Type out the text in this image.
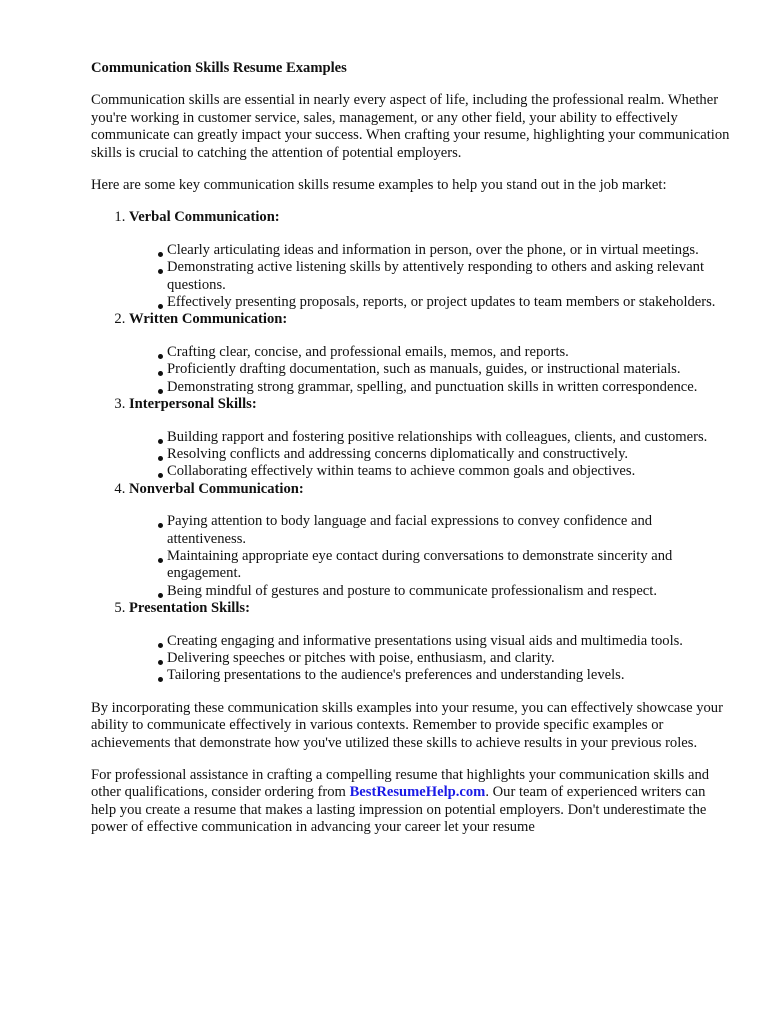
Communication Skills Resume Examples

Communication skills are essential in nearly every aspect of life, including the professional realm. Whether you're working in customer service, sales, management, or any other field, your ability to effectively communicate can greatly impact your success. When crafting your resume, highlighting your communication skills is crucial to catching the attention of potential employers.

Here are some key communication skills resume examples to help you stand out in the job market:

1. Verbal Communication:
Clearly articulating ideas and information in person, over the phone, or in virtual meetings.
Demonstrating active listening skills by attentively responding to others and asking relevant questions.
Effectively presenting proposals, reports, or project updates to team members or stakeholders.
2. Written Communication:
Crafting clear, concise, and professional emails, memos, and reports.
Proficiently drafting documentation, such as manuals, guides, or instructional materials.
Demonstrating strong grammar, spelling, and punctuation skills in written correspondence.
3. Interpersonal Skills:
Building rapport and fostering positive relationships with colleagues, clients, and customers.
Resolving conflicts and addressing concerns diplomatically and constructively.
Collaborating effectively within teams to achieve common goals and objectives.
4. Nonverbal Communication:
Paying attention to body language and facial expressions to convey confidence and attentiveness.
Maintaining appropriate eye contact during conversations to demonstrate sincerity and engagement.
Being mindful of gestures and posture to communicate professionalism and respect.
5. Presentation Skills:
Creating engaging and informative presentations using visual aids and multimedia tools.
Delivering speeches or pitches with poise, enthusiasm, and clarity.
Tailoring presentations to the audience's preferences and understanding levels.

By incorporating these communication skills examples into your resume, you can effectively showcase your ability to communicate effectively in various contexts. Remember to provide specific examples or achievements that demonstrate how you've utilized these skills to achieve results in your previous roles.

For professional assistance in crafting a compelling resume that highlights your communication skills and other qualifications, consider ordering from BestResumeHelp.com. Our team of experienced writers can help you create a resume that makes a lasting impression on potential employers. Don't underestimate the power of effective communication in advancing your career let your resume
